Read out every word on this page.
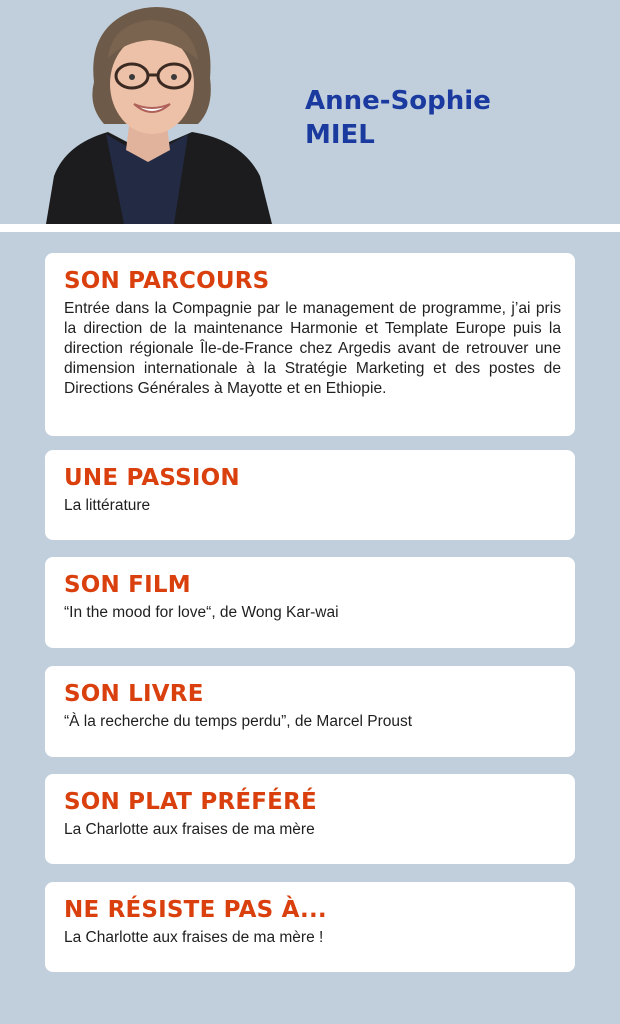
Anne-Sophie
MIEL
SON PARCOURS

Entrée dans la Compagnie par le management de programme, j’ai pris la direction de la maintenance Harmonie et Template Europe puis la direction régionale Île-de-France chez Argedis avant de retrouver une dimension internationale à la Stratégie Marketing et des postes de Directions Générales à Mayotte et en Ethiopie.

UNE PASSION

La littérature

SON FILM

“In the mood for love“, de Wong Kar-wai

SON LIVRE

“À la recherche du temps perdu”, de Marcel Proust

SON PLAT PRÉFÉRÉ

La Charlotte aux fraises de ma mère

NE RÉSISTE PAS À...

La Charlotte aux fraises de ma mère !
